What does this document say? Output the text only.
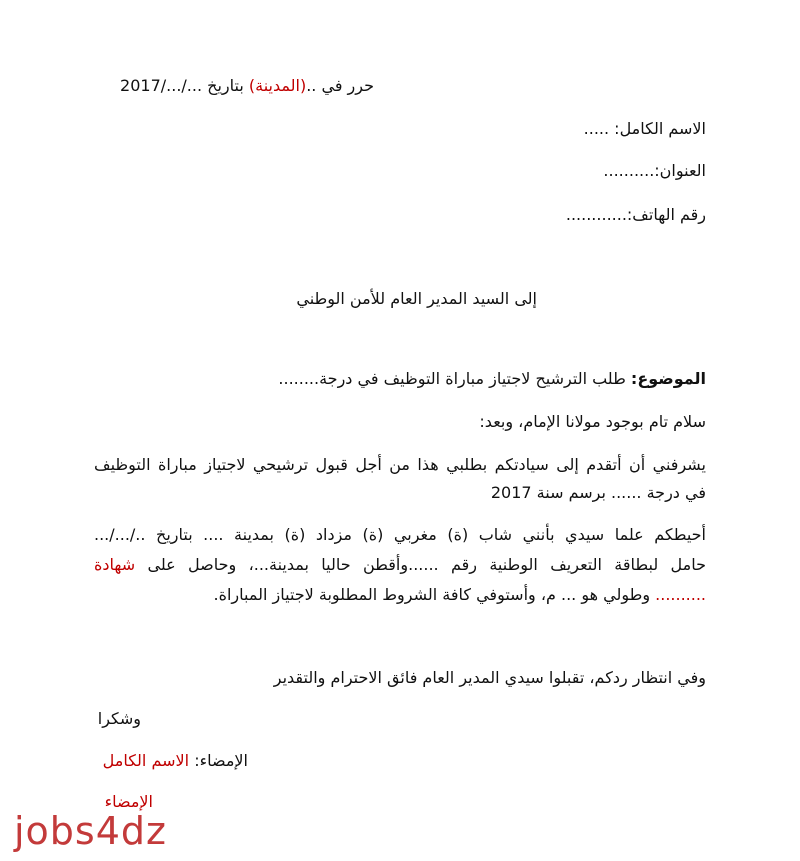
حرر في ..(المدينة) بتاريخ .../.../2017
الاسم الكامل: .....
العنوان:..........
رقم الهاتف:............
إلى السيد المدير العام للأمن الوطني
الموضوع: طلب الترشيح لاجتياز مباراة التوظيف في درجة........
سلام تام بوجود مولانا الإمام، وبعد:
يشرفني أن أتقدم إلى سيادتكم بطلبي هذا من أجل قبول ترشيحي لاجتياز مباراة التوظيف
في درجة ...... برسم سنة 2017
أحيطكم علما سيدي بأنني شاب (ة) مغربي (ة) مزداد (ة) بمدينة .... بتاريخ ../.../...
حامل لبطاقة التعريف الوطنية رقم ......وأقطن حاليا بمدينة...، وحاصل على شهادة
.......... وطولي هو ... م، وأستوفي كافة الشروط المطلوبة لاجتياز المباراة.
وفي انتظار ردكم، تقبلوا سيدي المدير العام فائق الاحترام والتقدير
وشكرا
الإمضاء: الاسم الكامل
الإمضاء
jobs4dz
